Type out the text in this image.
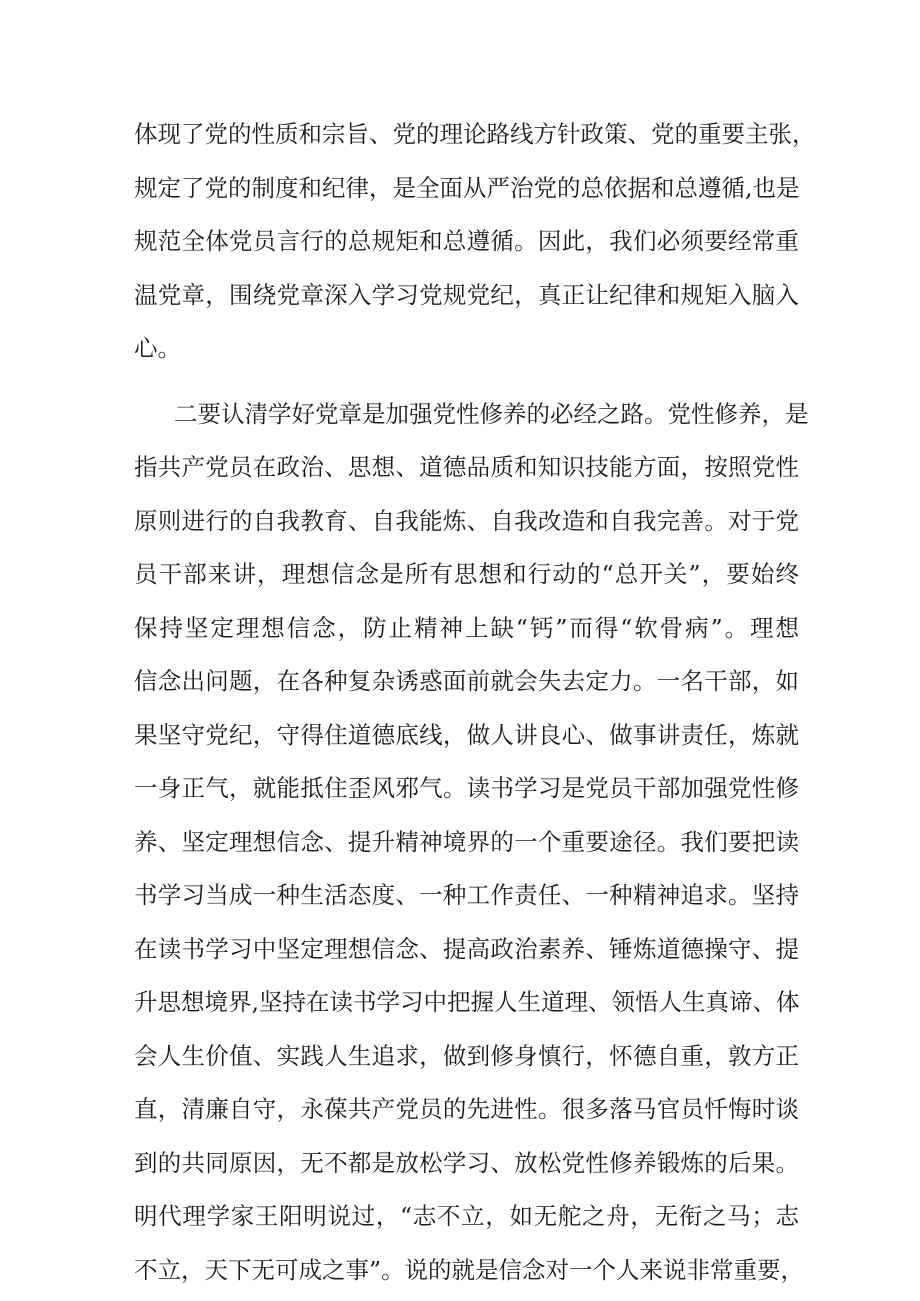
体现了党的性质和宗旨、党的理论路线方针政策、党的重要主张，
规定了党的制度和纪律，是全面从严治党的总依据和总遵循,也是
规范全体党员言行的总规矩和总遵循。因此，我们必须要经常重
温党章，围绕党章深入学习党规党纪，真正让纪律和规矩入脑入
心。
二要认清学好党章是加强党性修养的必经之路。党性修养，是
指共产党员在政治、思想、道德品质和知识技能方面，按照党性
原则进行的自我教育、自我能炼、自我改造和自我完善。对于党
员干部来讲，理想信念是所有思想和行动的“总开关”，要始终
保持坚定理想信念，防止精神上缺“钙”而得“软骨病”。理想
信念出问题，在各种复杂诱惑面前就会失去定力。一名干部，如
果坚守党纪，守得住道德底线，做人讲良心、做事讲责任，炼就
一身正气，就能抵住歪风邪气。读书学习是党员干部加强党性修
养、坚定理想信念、提升精神境界的一个重要途径。我们要把读
书学习当成一种生活态度、一种工作责任、一种精神追求。坚持
在读书学习中坚定理想信念、提高政治素养、锤炼道德操守、提
升思想境界,坚持在读书学习中把握人生道理、领悟人生真谛、体
会人生价值、实践人生追求，做到修身慎行，怀德自重，敦方正
直，清廉自守，永葆共产党员的先进性。很多落马官员忏悔时谈
到的共同原因，无不都是放松学习、放松党性修养锻炼的后果。
明代理学家王阳明说过，“志不立，如无舵之舟，无衔之马；志
不立，天下无可成之事”。说的就是信念对一个人来说非常重要，
